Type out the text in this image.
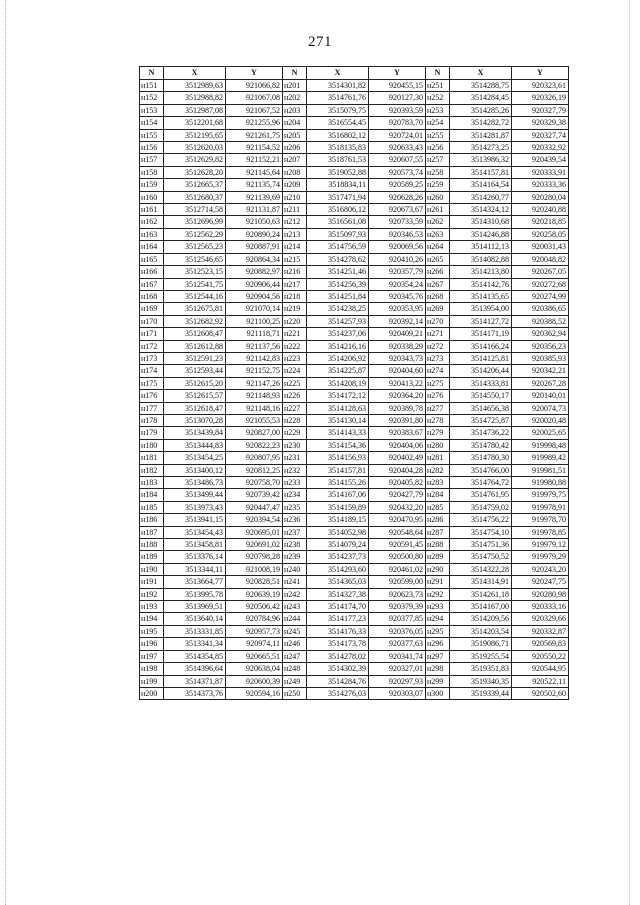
271
N	X	Y	N	X	Y	N	X	Y
н151	3512989,63	921066,82	н201	3514301,82	920455,15	н251	3514288,75	920323,61
н152	3512988,82	921067,08	н202	3514761,76	920127,30	н252	3514284,45	920326,19
н153	3512987,08	921067,52	н203	3515079,75	920393,59	н253	3514285,26	920327,79
н154	3512201,68	921255,96	н204	3516554,45	920783,70	н254	3514282,72	920329,38
н155	3512195,65	921261,75	н205	3516802,12	920724,01	н255	3514281,87	920327,74
н156	3512620,03	921154,52	н206	3518135,83	920633,43	н256	3514273,25	920332,92
н157	3512629,82	921152,21	н207	3518761,53	920607,55	н257	3513986,32	920439,54
н158	3512628,20	921145,64	н208	3519052,88	920573,74	н258	3514157,81	920333,91
н159	3512665,37	921135,74	н209	3518834,11	920589,25	н259	3514164,54	920333,36
н160	3512680,37	921139,69	н210	3517471,94	920628,26	н260	3514260,77	920280,04
н161	3512714,58	921131,87	н211	3516806,12	920673,67	н261	3514324,12	920240,88
н162	3512696,99	921050,63	н212	3516561,08	920733,59	н262	3514310,68	920218,85
н163	3512562,29	920890,24	н213	3515097,93	920346,53	н263	3514246,88	920258,05
н164	3512565,23	920887,91	н214	3514756,59	920069,56	н264	3514112,13	920031,43
н165	3512546,65	920864,34	н215	3514278,62	920410,26	н265	3514082,88	920048,82
н166	3512523,15	920882,97	н216	3514251,46	920357,79	н266	3514213,80	920267,05
н167	3512541,75	920906,44	н217	3514256,39	920354,24	н267	3514142,76	920272,68
н168	3512544,16	920904,56	н218	3514251,84	920345,76	н268	3514135,65	920274,99
н169	3512675,81	921070,14	н219	3514238,25	920353,95	н269	3513954,00	920386,65
н170	3512682,92	921100,25	н220	3514257,93	920392,14	н270	3514127,72	920388,52
н171	3512608,47	921118,71	н221	3514237,06	920409,21	н271	3514171,19	920362,94
н172	3512612,88	921137,56	н222	3514216,16	920338,29	н272	3514166,24	920356,23
н173	3512591,23	921142,83	н223	3514206,92	920343,73	н273	3514125,81	920385,93
н174	3512593,44	921152,75	н224	3514225,87	920404,60	н274	3514206,44	920342,21
н175	3512615,20	921147,26	н225	3514208,19	920413,22	н275	3514333,81	920267,28
н176	3512615,57	921148,93	н226	3514172,12	920364,20	н276	3514550,17	920140,01
н177	3512618,47	921148,16	н227	3514128,63	920389,78	н277	3514656,38	920074,73
н178	3513070,28	921055,53	н228	3514130,14	920391,80	н278	3514725,87	920020,48
н179	3513439,84	920827,00	н229	3514143,33	920383,67	н279	3514736,22	920025,65
н180	3513444,83	920822,23	н230	3514154,36	920404,06	н280	3514780,42	919998,48
н181	3513454,25	920807,95	н231	3514156,93	920402,49	н281	3514780,30	919989,42
н182	3513400,12	920812,25	н232	3514157,81	920404,28	н282	3514766,00	919981,51
н183	3513486,73	920758,70	н233	3514155,26	920405,82	н283	3514764,72	919980,88
н184	3513499,44	920739,42	н234	3514167,06	920427,79	н284	3514761,95	919979,75
н185	3513973,43	920447,47	н235	3514159,89	920432,20	н285	3514759,02	919978,91
н186	3513941,15	920394,54	н236	3514189,15	920470,95	н286	3514756,22	919978,70
н187	3513454,43	920695,01	н237	3514052,98	920548,64	н287	3514754,10	919978,85
н188	3513458,81	920691,02	н238	3514079,24	920591,45	н288	3514751,36	919979,12
н189	3513376,14	920798,28	н239	3514237,73	920500,80	н289	3514750,52	919979,29
н190	3513344,11	921008,19	н240	3514293,60	920461,02	н290	3514322,28	920243,20
н191	3513664,77	920828,51	н241	3514365,03	920599,00	н291	3514314,91	920247,75
н192	3513995,78	920639,19	н242	3514327,38	920623,73	н292	3514261,18	920280,98
н193	3513969,51	920506,42	н243	3514174,70	920379,39	н293	3514167,00	920333,16
н194	3513640,14	920784,96	н244	3514177,23	920377,85	н294	3514209,56	920329,66
н195	3513331,85	920957,73	н245	3514176,33	920376,05	н295	3514203,54	920332,87
н196	3513341,34	920974,11	н246	3514173,78	920377,63	н296	3519086,71	920569,83
н197	3514354,85	920665,51	н247	3514278,02	920341,74	н297	3519255,54	920550,22
н198	3514396,64	920638,04	н248	3514302,39	920327,01	н298	3519351,83	920544,95
н199	3514371,87	920600,39	н249	3514284,76	920297,93	н299	3519340,35	920522,11
н200	3514373,76	920594,16	н250	3514276,03	920303,07	н300	3519339,44	920502,60
